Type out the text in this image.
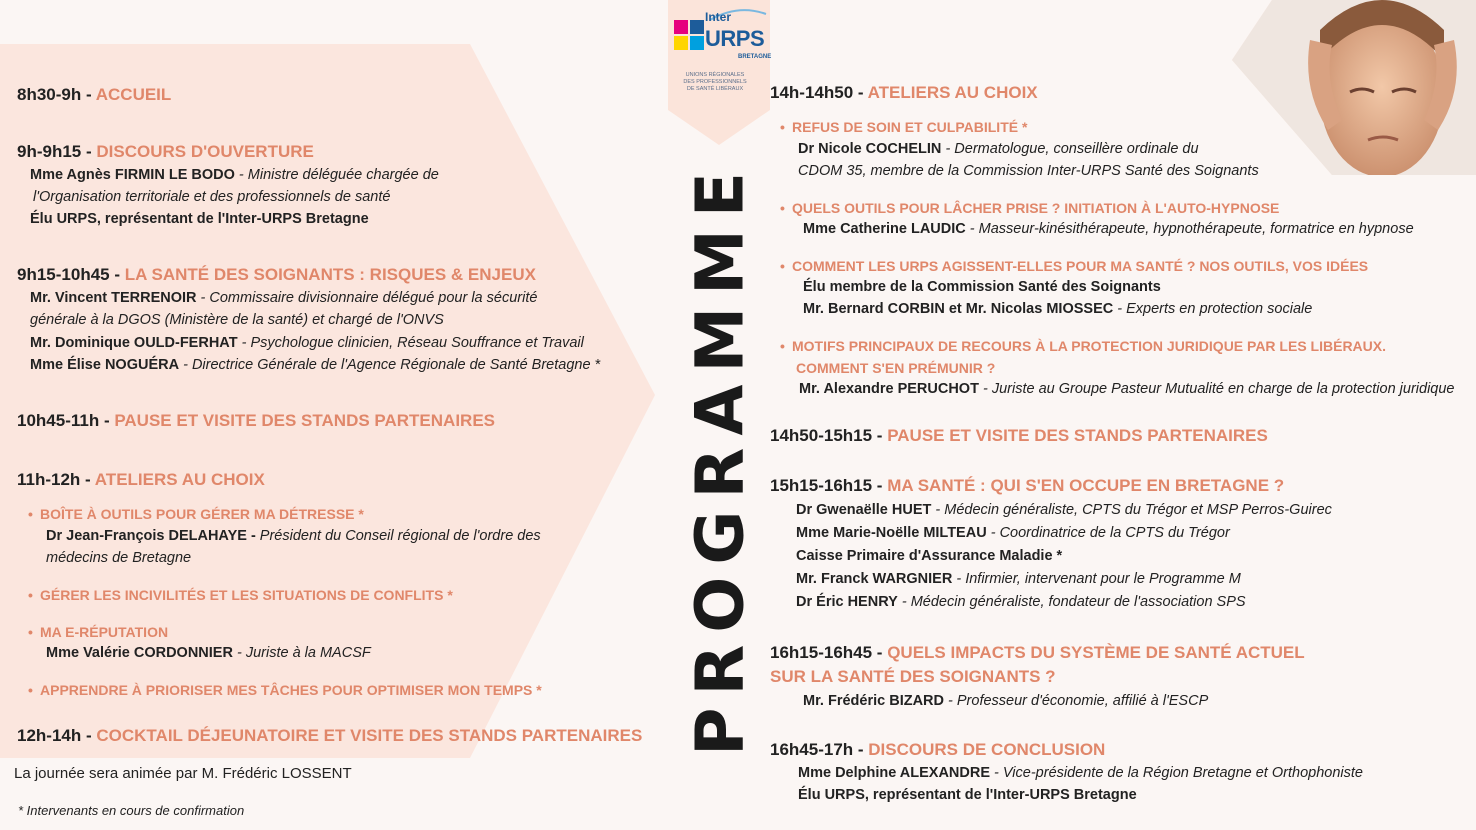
Inter
URPS
BRETAGNE
UNIONS RÉGIONALES DES PROFESSIONNELS DE SANTÉ LIBÉRAUX
PROGRAMME
8h30-9h - ACCUEIL
9h-9h15 - DISCOURS D'OUVERTURE
Mme Agnès FIRMIN LE BODO - Ministre déléguée chargée de
l'Organisation territoriale et des professionnels de santé
Élu URPS, représentant de l'Inter-URPS Bretagne
9h15-10h45 - LA SANTÉ DES SOIGNANTS : RISQUES & ENJEUX
Mr. Vincent TERRENOIR - Commissaire divisionnaire délégué pour la sécurité
générale à la DGOS (Ministère de la santé) et chargé de l'ONVS
Mr. Dominique OULD-FERHAT - Psychologue clinicien, Réseau Souffrance et Travail
Mme Élise NOGUÉRA - Directrice Générale de l'Agence Régionale de Santé Bretagne *
10h45-11h - PAUSE ET VISITE DES STANDS PARTENAIRES
11h-12h - ATELIERS AU CHOIX
• BOÎTE À OUTILS POUR GÉRER MA DÉTRESSE *
Dr Jean-François DELAHAYE - Président du Conseil régional de l'ordre des
médecins de Bretagne
• GÉRER LES INCIVILITÉS ET LES SITUATIONS DE CONFLITS *
• MA E-RÉPUTATION
Mme Valérie CORDONNIER - Juriste à la MACSF
• APPRENDRE À PRIORISER MES TÂCHES POUR OPTIMISER MON TEMPS *
12h-14h - COCKTAIL DÉJEUNATOIRE ET VISITE DES STANDS PARTENAIRES
La journée sera animée par M. Frédéric LOSSENT
* Intervenants en cours de confirmation
14h-14h50 - ATELIERS AU CHOIX
• REFUS DE SOIN ET CULPABILITÉ *
Dr Nicole COCHELIN - Dermatologue, conseillère ordinale du
CDOM 35, membre de la Commission Inter-URPS Santé des Soignants
• QUELS OUTILS POUR LÂCHER PRISE ? INITIATION À L'AUTO-HYPNOSE
Mme Catherine LAUDIC - Masseur-kinésithérapeute, hypnothérapeute, formatrice en hypnose
• COMMENT LES URPS AGISSENT-ELLES POUR MA SANTÉ ? NOS OUTILS, VOS IDÉES
Élu membre de la Commission Santé des Soignants
Mr. Bernard CORBIN et Mr. Nicolas MIOSSEC - Experts en protection sociale
• MOTIFS PRINCIPAUX DE RECOURS À LA PROTECTION JURIDIQUE PAR LES LIBÉRAUX.
COMMENT S'EN PRÉMUNIR ?
Mr. Alexandre PERUCHOT - Juriste au Groupe Pasteur Mutualité en charge de la protection juridique
14h50-15h15 - PAUSE ET VISITE DES STANDS PARTENAIRES
15h15-16h15 - MA SANTÉ : QUI S'EN OCCUPE EN BRETAGNE ?
Dr Gwenaëlle HUET - Médecin généraliste, CPTS du Trégor et MSP Perros-Guirec
Mme Marie-Noëlle MILTEAU - Coordinatrice de la CPTS du Trégor
Caisse Primaire d'Assurance Maladie *
Mr. Franck WARGNIER - Infirmier, intervenant pour le Programme M
Dr Éric HENRY - Médecin généraliste, fondateur de l'association SPS
16h15-16h45 - QUELS IMPACTS DU SYSTÈME DE SANTÉ ACTUEL
SUR LA SANTÉ DES SOIGNANTS ?
Mr. Frédéric BIZARD - Professeur d'économie, affilié à l'ESCP
16h45-17h - DISCOURS DE CONCLUSION
Mme Delphine ALEXANDRE - Vice-présidente de la Région Bretagne et Orthophoniste
Élu URPS, représentant de l'Inter-URPS Bretagne
